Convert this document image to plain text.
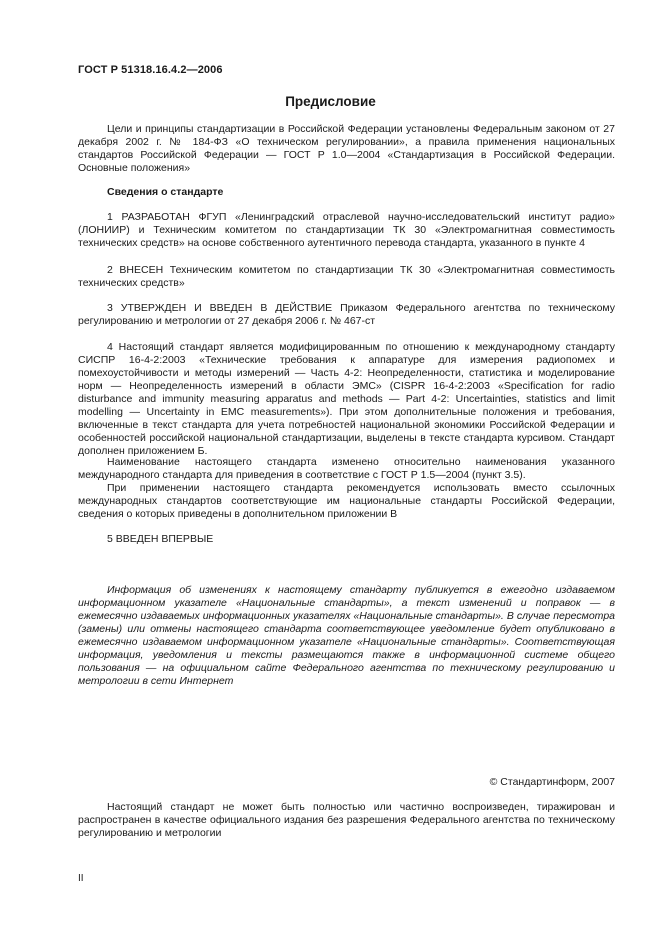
ГОСТ Р 51318.16.4.2—2006
Предисловие

Цели и принципы стандартизации в Российской Федерации установлены Федеральным законом от 27 декабря 2002 г. № 184-ФЗ «О техническом регулировании», а правила применения национальных стандартов Российской Федерации — ГОСТ Р 1.0—2004 «Стандартизация в Российской Федерации. Основные положения»

Сведения о стандарте

1 РАЗРАБОТАН ФГУП «Ленинградский отраслевой научно-исследовательский институт радио» (ЛОНИИР) и Техническим комитетом по стандартизации ТК 30 «Электромагнитная совместимость технических средств» на основе собственного аутентичного перевода стандарта, указанного в пункте 4

2 ВНЕСЕН Техническим комитетом по стандартизации ТК 30 «Электромагнитная совместимость технических средств»

3 УТВЕРЖДЕН И ВВЕДЕН В ДЕЙСТВИЕ Приказом Федерального агентства по техническому регулированию и метрологии от 27 декабря 2006 г. № 467-ст

4 Настоящий стандарт является модифицированным по отношению к международному стандарту СИСПР 16-4-2:2003 «Технические требования к аппаратуре для измерения радиопомех и помехоустойчивости и методы измерений — Часть 4-2: Неопределенности, статистика и моделирование норм — Неопределенность измерений в области ЭМС» (CISPR 16-4-2:2003 «Specification for radio disturbance and immunity measuring apparatus and methods — Part 4-2: Uncertainties, statistics and limit modelling — Uncertainty in EMC measurements»). При этом дополнительные положения и требования, включенные в текст стандарта для учета потребностей национальной экономики Российской Федерации и особенностей российской национальной стандартизации, выделены в тексте стандарта курсивом. Стандарт дополнен приложением Б.

Наименование настоящего стандарта изменено относительно наименования указанного международного стандарта для приведения в соответствие с ГОСТ Р 1.5—2004 (пункт 3.5).

При применении настоящего стандарта рекомендуется использовать вместо ссылочных международных стандартов соответствующие им национальные стандарты Российской Федерации, сведения о которых приведены в дополнительном приложении В

5 ВВЕДЕН ВПЕРВЫЕ

Информация об изменениях к настоящему стандарту публикуется в ежегодно издаваемом информационном указателе «Национальные стандарты», а текст изменений и поправок — в ежемесячно издаваемых информационных указателях «Национальные стандарты». В случае пересмотра (замены) или отмены настоящего стандарта соответствующее уведомление будет опубликовано в ежемесячно издаваемом информационном указателе «Национальные стандарты». Соответствующая информация, уведомления и тексты размещаются также в информационной системе общего пользования — на официальном сайте Федерального агентства по техническому регулированию и метрологии в сети Интернет

© Стандартинформ, 2007

Настоящий стандарт не может быть полностью или частично воспроизведен, тиражирован и распространен в качестве официального издания без разрешения Федерального агентства по техническому регулированию и метрологии

II
